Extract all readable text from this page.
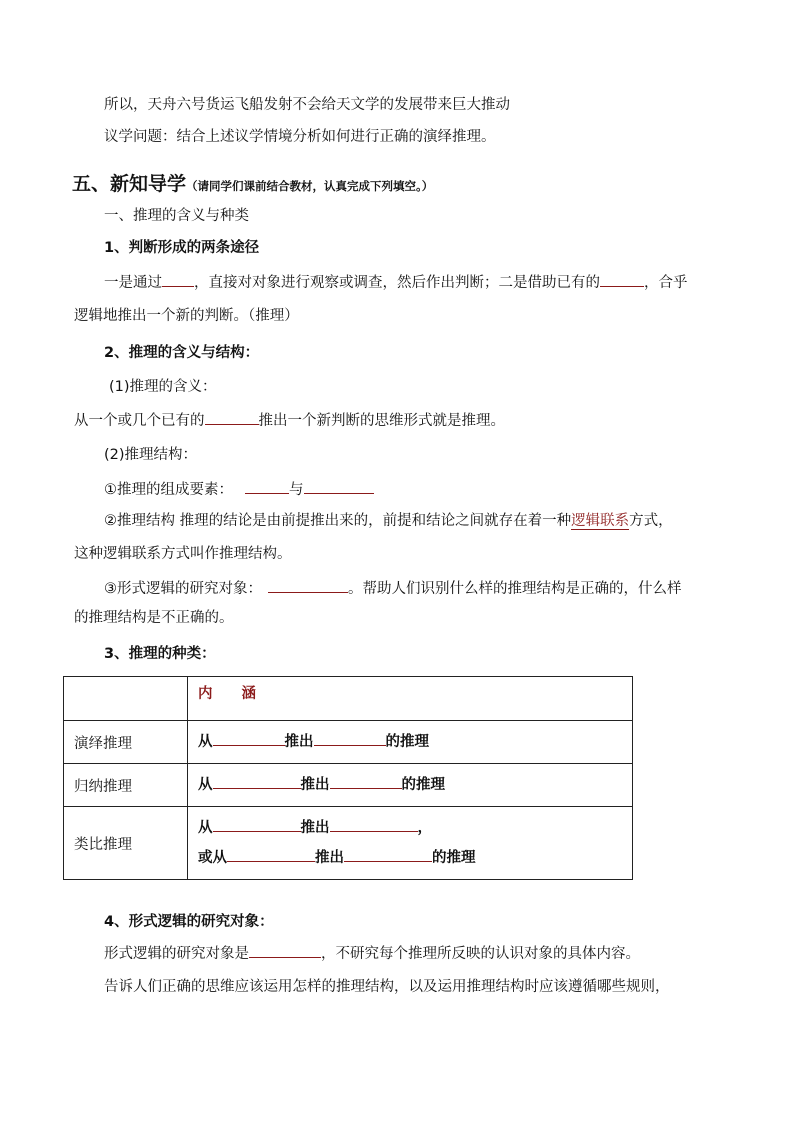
所以，天舟六号货运飞船发射不会给天文学的发展带来巨大推动
议学问题：结合上述议学情境分析如何进行正确的演绎推理。
五、新知导学（请同学们课前结合教材，认真完成下列填空。）
一、推理的含义与种类
1、判断形成的两条途径
一是通过 ，直接对对象进行观察或调查，然后作出判断；二是借助已有的	，合乎
逻辑地推出一个新的判断。（推理）
2、推理的含义与结构：
(1)推理的含义：
从一个或几个已有的	推出一个新判断的思维形式就是推理。
(2)推理结构：
①推理的组成要素：	与
②推理结构 推理的结论是由前提推出来的，前提和结论之间就存在着一种逻辑联系方式，
这种逻辑联系方式叫作推理结构。
③形式逻辑的研究对象：	。帮助人们识别什么样的推理结构是正确的，什么样
的推理结构是不正确的。
3、推理的种类：
	内　　涵
演绎推理	从 推出 的推理

归纳推理	从 推出 的推理

类比推理	从 推出 ，
或从 推出 的推理
4、形式逻辑的研究对象：
形式逻辑的研究对象是	，不研究每个推理所反映的认识对象的具体内容。
告诉人们正确的思维应该运用怎样的推理结构，以及运用推理结构时应该遵循哪些规则，
